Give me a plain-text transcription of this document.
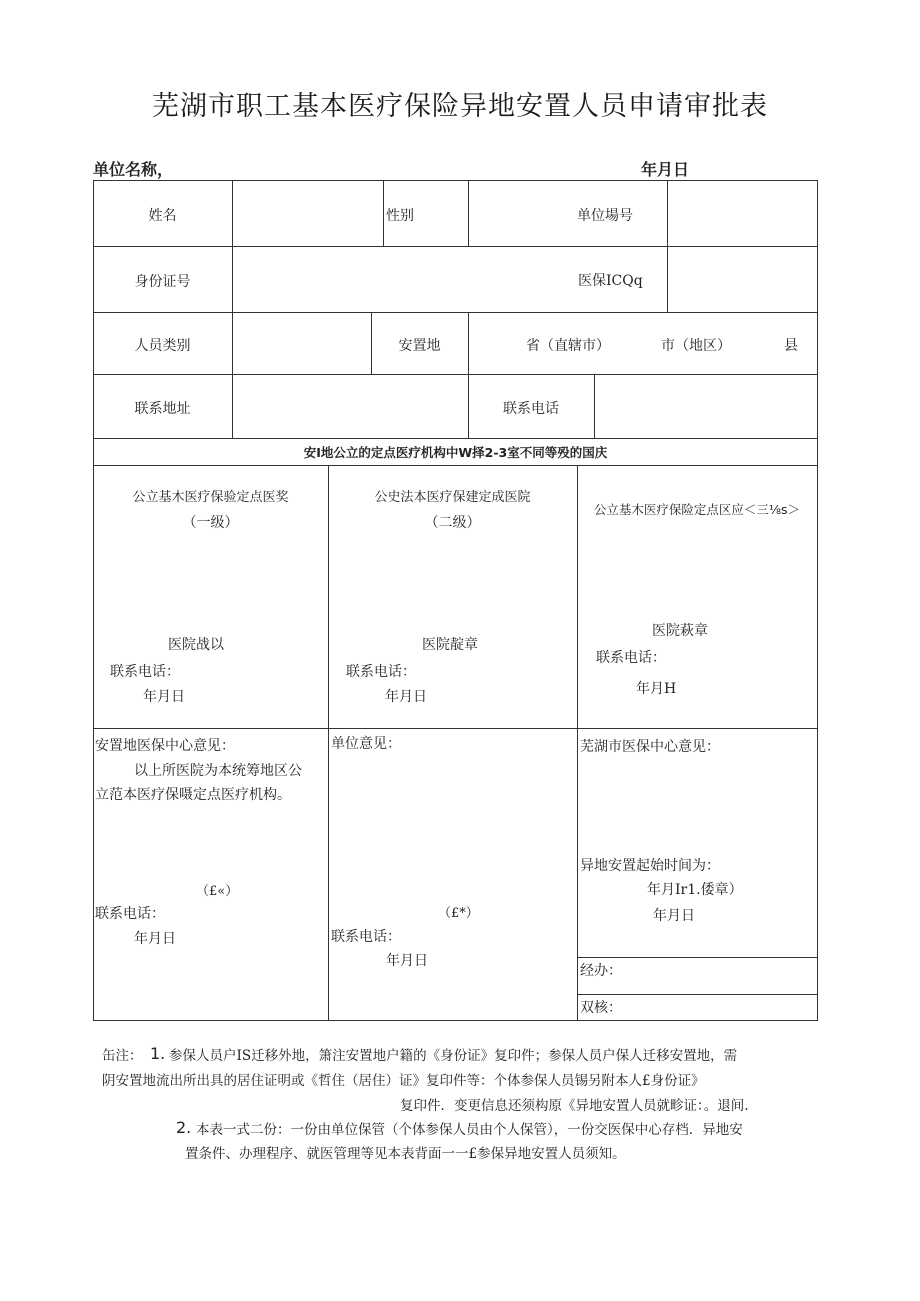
芜湖市职工基本医疗保险异地安置人员申请审批表
单位名称，	年月日
姓名	性别	单位場号
身份证号	医保ICQq
人员类别	安置地	省（直辖市）	市（地区）	县
联系地址	联系电话
安I地公立的定点医疗机构中W择2-3室不同等殁的国庆
公立基木医疗保验定点医奖
（一级）
医院战以
联系电话：
年月日
公史法本医疗保建定成医院
（二级）
医院靛章
联系电话：
年月日
公立基木医疗保险定点区应＜三⅛s＞
医院萩章
联系电话：
年月H
安置地医保中心意见：
以上所医院为本统筹地区公
立范本医疗保嗫定点医疗机构。
（£«）
联系电话：
年月日
单位意见：
（£*）
联系电话：
年月日
芜湖市医保中心意见：
异地安置起始时间为：
年月Ir1.倭章）
年月日
经办：
双核：
缶注： 1. 参保人员户IS迁移外地，箫注安置地户籍的《身份证》复印件；参保人员户保人迁移安置地，需
阴安置地流出所出具的居住证明或《哲住（居住）证》复印件等：个体参保人员锡另附本人£身份证》
复印件．变更信息还须构原《异地安置人员就畛证：。退间.
2. 本表一式二份：一份由单位保管（个体参保人员由个人保管），一份交医保中心存档．异地安
置条件、办理程序、就医管理等见本表背面一一£参保异地安置人员须知。
